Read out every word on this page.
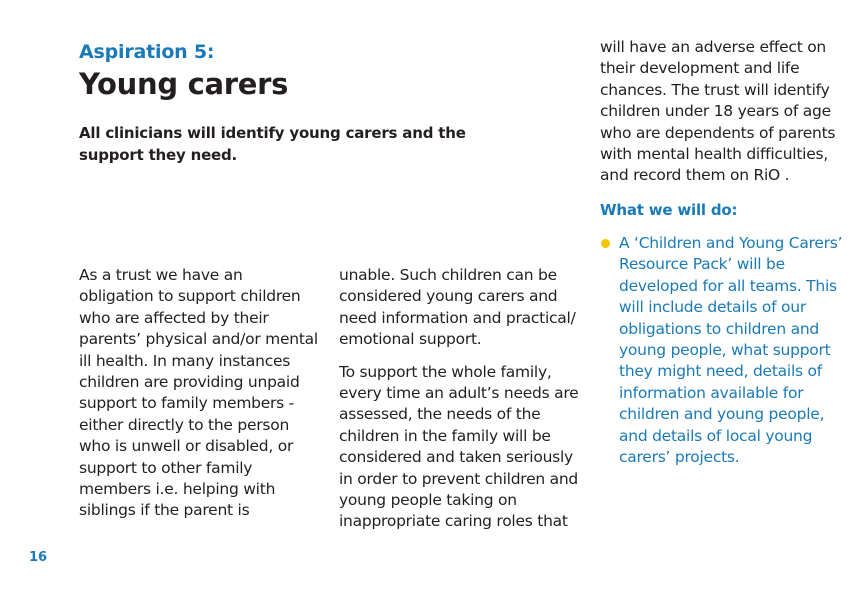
Aspiration 5:
Young carers
All clinicians will identify young carers and the support they need.

As a trust we have an obligation to support children who are affected by their parents’ physical and/or mental ill health. In many instances children are providing unpaid support to family members - either directly to the person who is unwell or disabled, or support to other family members i.e. helping with siblings if the parent is

unable. Such children can be considered young carers and need information and practical/ emotional support.

To support the whole family, every time an adult’s needs are assessed, the needs of the children in the family will be considered and taken seriously in order to prevent children and young people taking on inappropriate caring roles that

will have an adverse effect on their development and life chances. The trust will identify children under 18 years of age who are dependents of parents with mental health difficulties, and record them on RiO .

What we will do:
A ‘Children and Young Carers’ Resource Pack’ will be developed for all teams. This will include details of our obligations to children and young people, what support they might need, details of information available for children and young people, and details of local young carers’ projects.
16
